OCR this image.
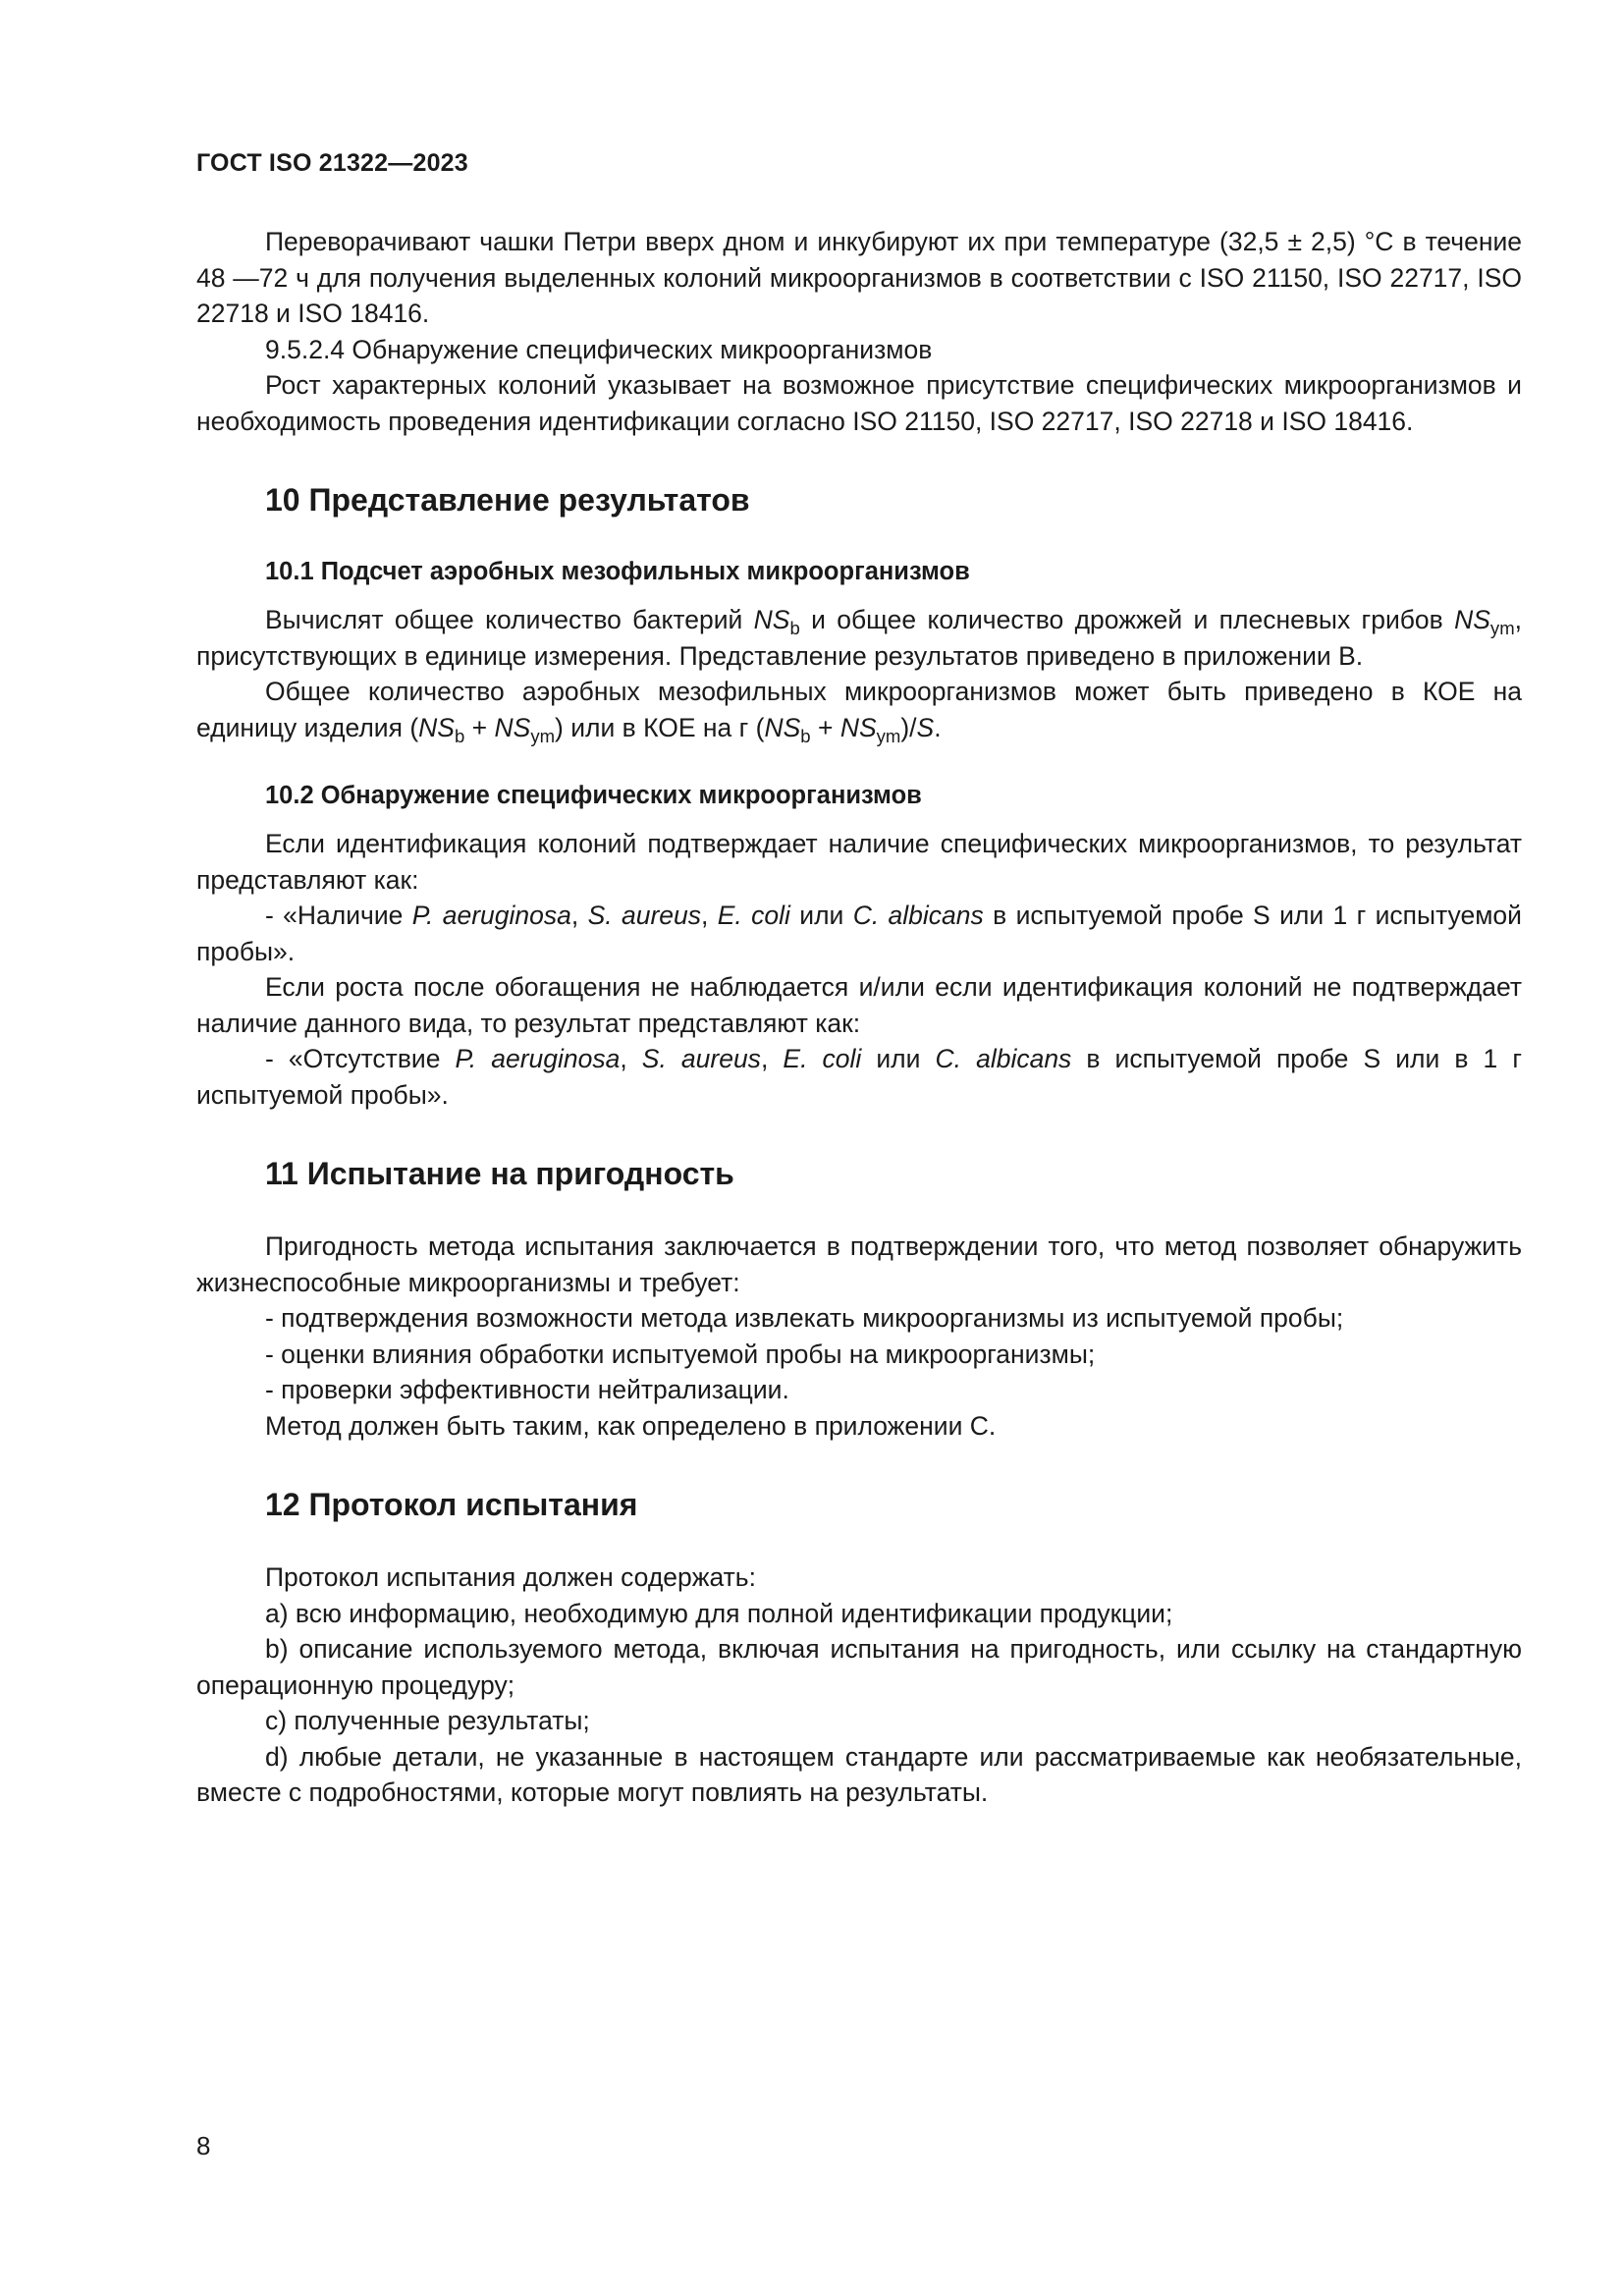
ГОСТ ISO 21322—2023

Переворачивают чашки Петри вверх дном и инкубируют их при температуре (32,5 ± 2,5) °С в течение 48 —72 ч для получения выделенных колоний микроорганизмов в соответствии с ISO 21150, ISO 22717, ISO 22718 и ISO 18416.

9.5.2.4 Обнаружение специфических микроорганизмов

Рост характерных колоний указывает на возможное присутствие специфических микроорганизмов и необходимость проведения идентификации согласно ISO 21150, ISO 22717, ISO 22718 и ISO 18416.

10 Представление результатов
10.1 Подсчет аэробных мезофильных микроорганизмов

Вычислят общее количество бактерий $NS_b$ и общее количество дрожжей и плесневых грибов $NS_{ym}$, присутствующих в единице измерения. Представление результатов приведено в приложении В.

Общее количество аэробных мезофильных микроорганизмов может быть приведено в КОЕ на единицу изделия $(NS_b + NS_{ym})$ или в КОЕ на г $(NS_b + NS_{ym})/S$.

10.2 Обнаружение специфических микроорганизмов

Если идентификация колоний подтверждает наличие специфических микроорганизмов, то результат представляют как:

- «Наличие P. aeruginosa, S. aureus, E. coli или C. albicans в испытуемой пробе S или 1 г испытуемой пробы».

Если роста после обогащения не наблюдается и/или если идентификация колоний не подтверждает наличие данного вида, то результат представляют как:

- «Отсутствие P. aeruginosa, S. aureus, E. coli или C. albicans в испытуемой пробе S или в 1 г испытуемой пробы».

11 Испытание на пригодность

Пригодность метода испытания заключается в подтверждении того, что метод позволяет обнаружить жизнеспособные микроорганизмы и требует:

- подтверждения возможности метода извлекать микроорганизмы из испытуемой пробы;

- оценки влияния обработки испытуемой пробы на микроорганизмы;

- проверки эффективности нейтрализации.

Метод должен быть таким, как определено в приложении С.

12 Протокол испытания

Протокол испытания должен содержать:

а) всю информацию, необходимую для полной идентификации продукции;

b) описание используемого метода, включая испытания на пригодность, или ссылку на стандартную операционную процедуру;

с) полученные результаты;

d) любые детали, не указанные в настоящем стандарте или рассматриваемые как необязательные, вместе с подробностями, которые могут повлиять на результаты.

8
